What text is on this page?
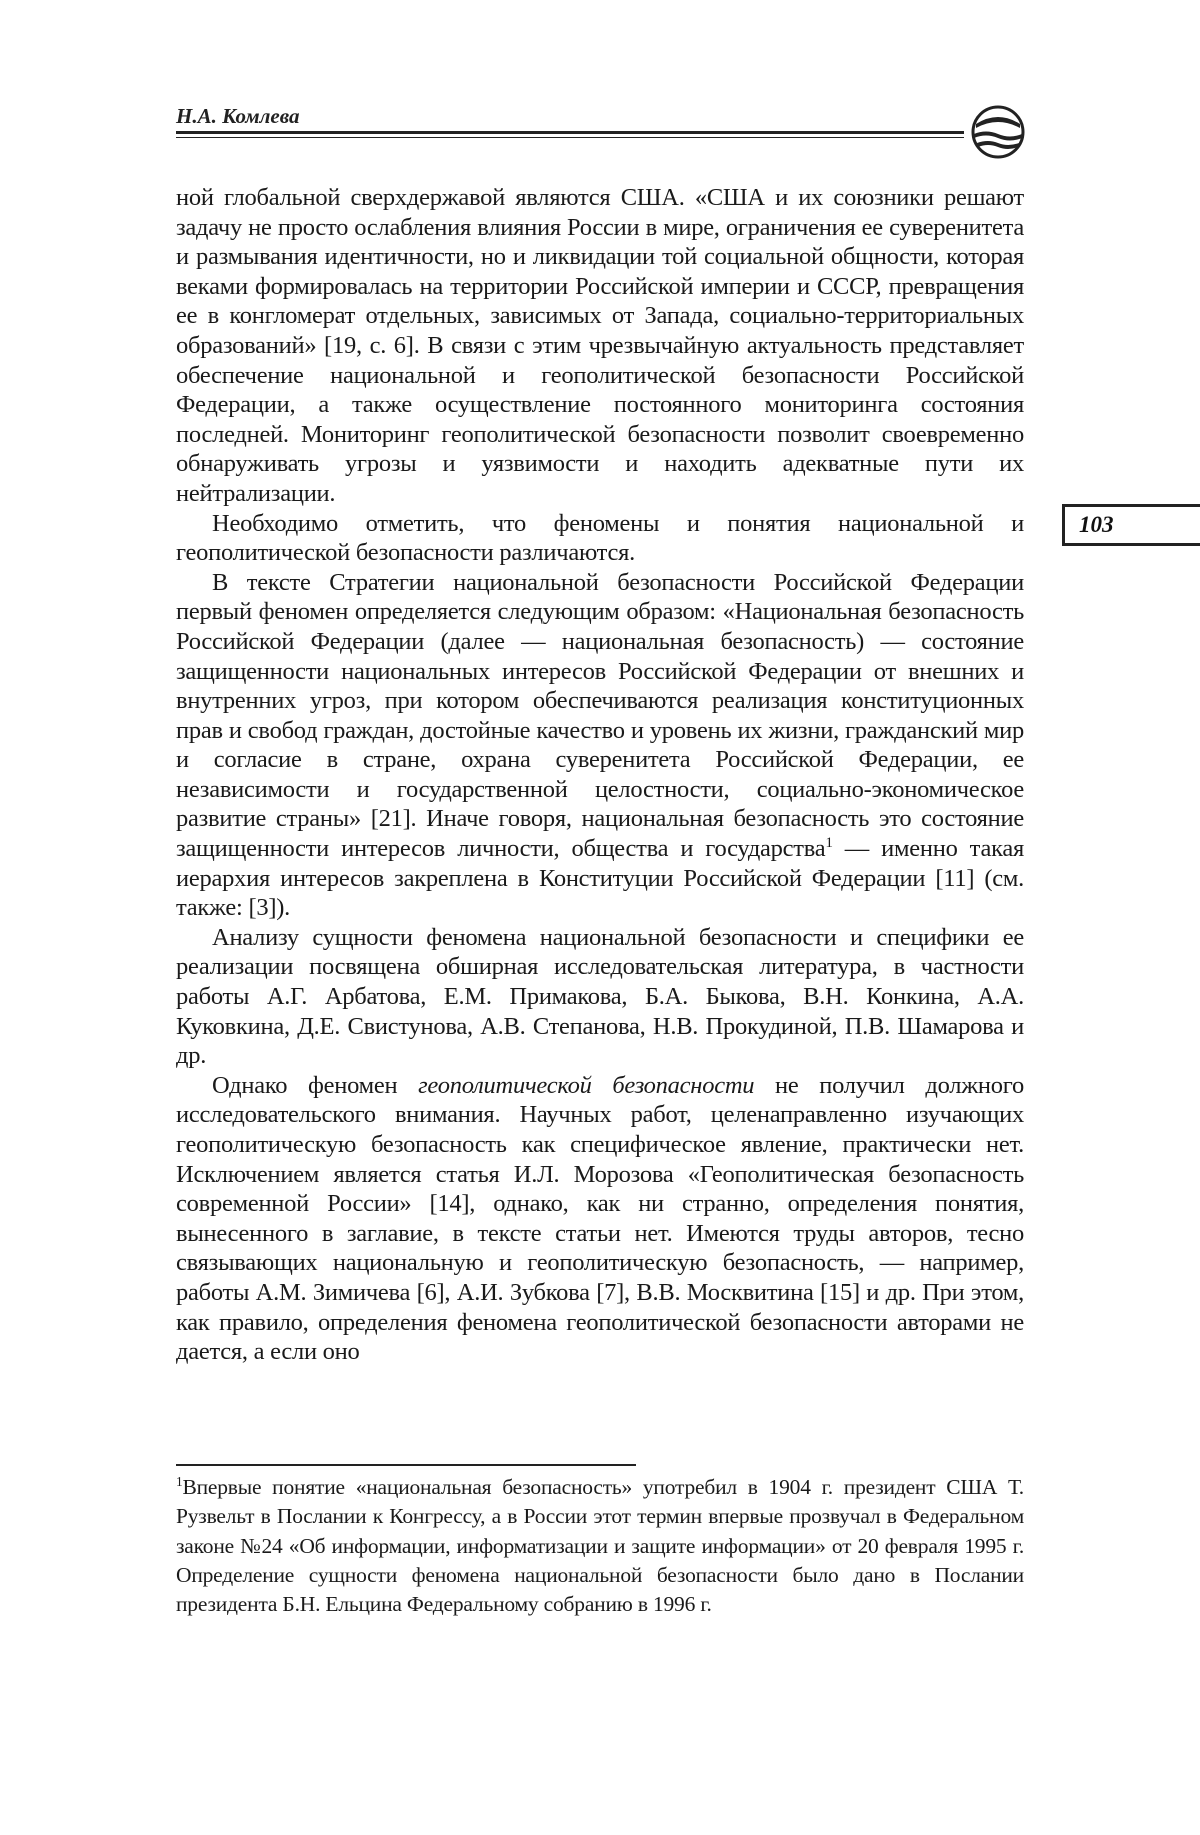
Н.А. Комлева
103

ной глобальной сверхдержавой являются США. «США и их союзники решают задачу не просто ослабления влияния России в мире, ограничения ее суверенитета и размывания идентичности, но и ликвидации той социальной общности, которая веками формировалась на территории Российской империи и СССР, превращения ее в конгломерат отдельных, зависимых от Запада, социально-территориальных образований» [19, с. 6]. В связи с этим чрезвычайную актуальность представляет обеспечение национальной и геополитической безопасности Российской Федерации, а также осуществление постоянного мониторинга состояния последней. Мониторинг геополитической безопасности позволит своевременно обнаруживать угрозы и уязвимости и находить адекватные пути их нейтрализации.

Необходимо отметить, что феномены и понятия национальной и геополитической безопасности различаются.

В тексте Стратегии национальной безопасности Российской Федерации первый феномен определяется следующим образом: «Национальная безопасность Российской Федерации (далее — национальная безопасность) — состояние защищенности национальных интересов Российской Федерации от внешних и внутренних угроз, при котором обеспечиваются реализация конституционных прав и свобод граждан, достойные качество и уровень их жизни, гражданский мир и согласие в стране, охрана суверенитета Российской Федерации, ее независимости и государственной целостности, социально-экономическое развитие страны» [21]. Иначе говоря, национальная безопасность это состояние защищенности интересов личности, общества и государства$^1$ — именно такая иерархия интересов закреплена в Конституции Российской Федерации [11] (см. также: [3]).

Анализу сущности феномена национальной безопасности и специфики ее реализации посвящена обширная исследовательская литература, в частности работы А.Г. Арбатова, Е.М. Примакова, Б.А. Быкова, В.Н. Конкина, А.А. Куковкина, Д.Е. Свистунова, А.В. Степанова, Н.В. Прокудиной, П.В. Шамарова и др.

Однако феномен геополитической безопасности не получил должного исследовательского внимания. Научных работ, целенаправленно изучающих геополитическую безопасность как специфическое явление, практически нет. Исключением является статья И.Л. Морозова «Геополитическая безопасность современной России» [14], однако, как ни странно, определения понятия, вынесенного в заглавие, в тексте статьи нет. Имеются труды авторов, тесно связывающих национальную и геополитическую безопасность, — например, работы А.М. Зимичева [6], А.И. Зубкова [7], В.В. Москвитина [15] и др. При этом, как правило, определения феномена геополитической безопасности авторами не дается, а если оно

$^1$Впервые понятие «национальная безопасность» употребил в 1904 г. президент США Т. Рузвельт в Послании к Конгрессу, а в России этот термин впервые прозвучал в Федеральном законе №24 «Об информации, информатизации и защите информации» от 20 февраля 1995 г. Определение сущности феномена национальной безопасности было дано в Послании президента Б.Н. Ельцина Федеральному собранию в 1996 г.
